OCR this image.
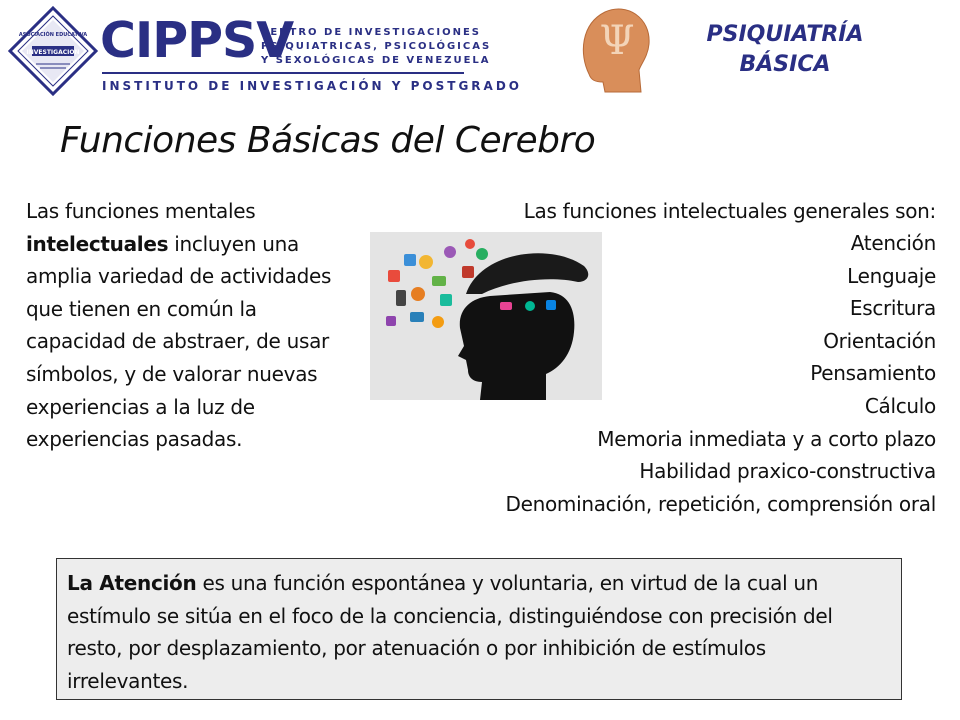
INVESTIGACION
ASOCIACIÓN EDUCATIVA CIPPSV
CENTRO DE INVESTIGACIONES
PSIQUIATRICAS, PSICOLÓGICAS
Y SEXOLÓGICAS DE VENEZUELA
INSTITUTO DE INVESTIGACIÓN Y POSTGRADO
Ψ	PSIQUIATRÍA
BÁSICA
Funciones Básicas del Cerebro
Las funciones mentales intelectuales incluyen una amplia variedad de actividades que tienen en común la capacidad de abstraer, de usar símbolos, y de valorar nuevas experiencias a la luz de experiencias pasadas.
Las funciones intelectuales generales son:
Atención
Lenguaje
Escritura
Orientación
Pensamiento
Cálculo
Memoria inmediata y a corto plazo
Habilidad praxico-constructiva
Denominación, repetición, comprensión oral
La Atención es una función espontánea y voluntaria, en virtud de la cual un estímulo se sitúa en el foco de la conciencia, distinguiéndose con precisión del resto, por desplazamiento, por atenuación o por inhibición de estímulos irrelevantes.
